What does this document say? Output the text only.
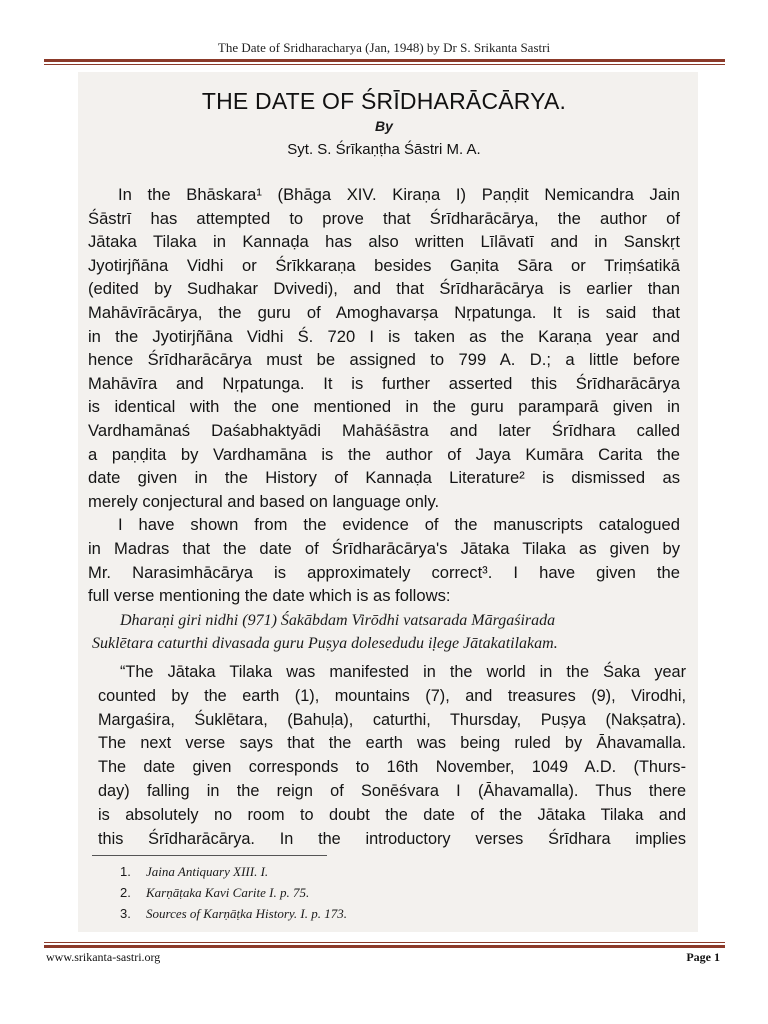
The Date of Sridharacharya (Jan, 1948) by Dr S. Srikanta Sastri
THE DATE OF ŚRĪDHARĀCĀRYA.
By
Syt. S. Śrīkaṇṭha Śāstri M. A.

In the Bhāskara¹ (Bhāga XIV. Kiraṇa I) Paṇḍit Nemicandra Jain

Śāstrī has attempted to prove that Śrīdharācārya, the author of

Jātaka Tilaka in Kannaḍa has also written Līlāvatī and in Sanskṛt

Jyotirjñāna Vidhi or Śrīkkaraṇa besides Gaṇita Sāra or Triṃśatikā

(edited by Sudhakar Dvivedi), and that Śrīdharācārya is earlier than

Mahāvīrācārya, the guru of Amoghavarṣa Nṛpatunga. It is said that

in the Jyotirjñāna Vidhi Ś. 720 I is taken as the Karaṇa year and

hence Śrīdharācārya must be assigned to 799 A. D.; a little before

Mahāvīra and Nṛpatunga. It is further asserted this Śrīdharācārya

is identical with the one mentioned in the guru paramparā given in

Vardhamānaś Daśabhaktyādi Mahāśāstra and later Śrīdhara called

a paṇḍita by Vardhamāna is the author of Jaya Kumāra Carita the

date given in the History of Kannaḍa Literature² is dismissed as

merely conjectural and based on language only.

I have shown from the evidence of the manuscripts catalogued

in Madras that the date of Śrīdharācārya's Jātaka Tilaka as given by

Mr. Narasimhācārya is approximately correct³. I have given the

full verse mentioning the date which is as follows:

Dharaṇi giri nidhi (971) Śakābdam Virōdhi vatsarada Mārgaśirada

Suklētara caturthi divasada guru Puṣya dolesedudu iḷege Jātakatilakam.

“The Jātaka Tilaka was manifested in the world in the Śaka year

counted by the earth (1), mountains (7), and treasures (9), Virodhi,

Margaśira, Śuklētara, (Bahuḷa), caturthi, Thursday, Puṣya (Nakṣatra).

The next verse says that the earth was being ruled by Āhavamalla.

The date given corresponds to 16th November, 1049 A.D. (Thurs-

day) falling in the reign of Sonēśvara I (Āhavamalla). Thus there

is absolutely no room to doubt the date of the Jātaka Tilaka and

this Śrīdharācārya. In the introductory verses Śrīdhara implies

1. Jaina Antiquary XIII. I.
2. Karṇāṭaka Kavi Carite I. p. 75.
3. Sources of Karṇāṭka History. I. p. 173.
www.srikanta-sastri.org	Page 1
